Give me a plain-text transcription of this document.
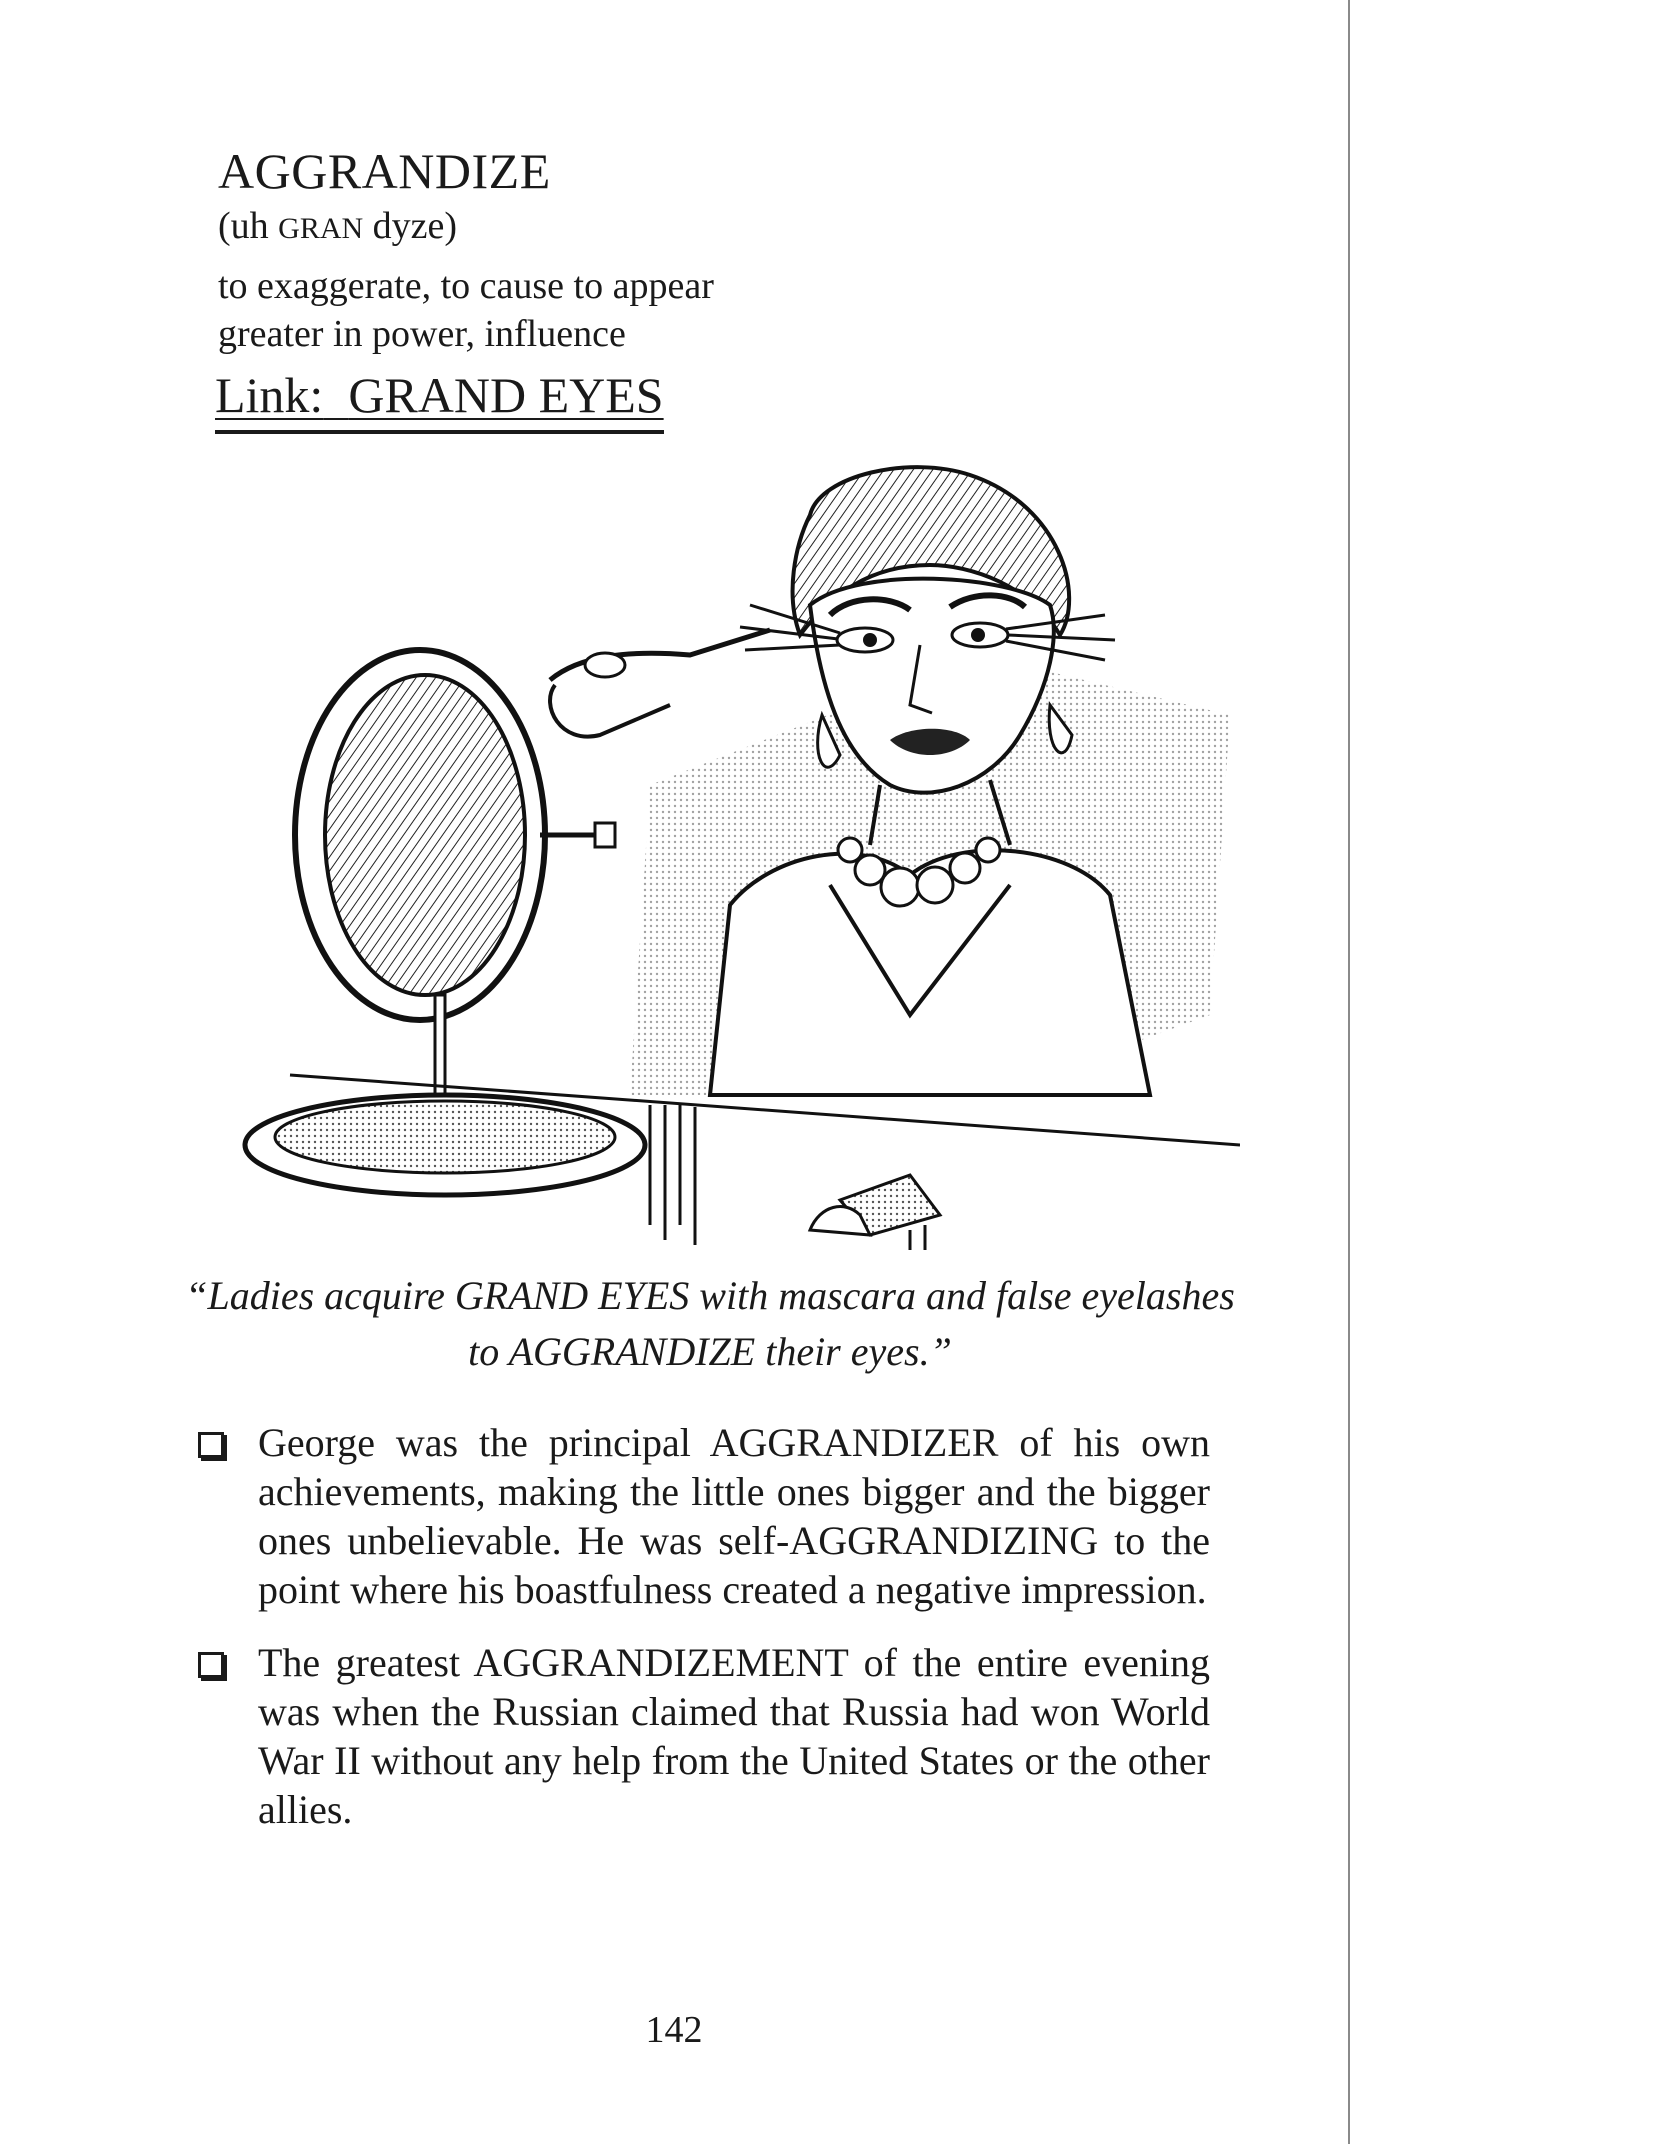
AGGRANDIZE
(uh GRAN dyze)
to exaggerate, to cause to appear
greater in power, influence
Link: GRAND EYES
“Ladies acquire GRAND EYES with mascara and false eyelashes to AGGRANDIZE their eyes.”
George was the principal AGGRANDIZER of his own achievements, making the little ones bigger and the bigger ones unbelievable. He was self-AGGRANDIZING to the point where his boastfulness created a negative impression.
The greatest AGGRANDIZEMENT of the entire evening was when the Russian claimed that Russia had won World War II without any help from the United States or the other allies.
142
